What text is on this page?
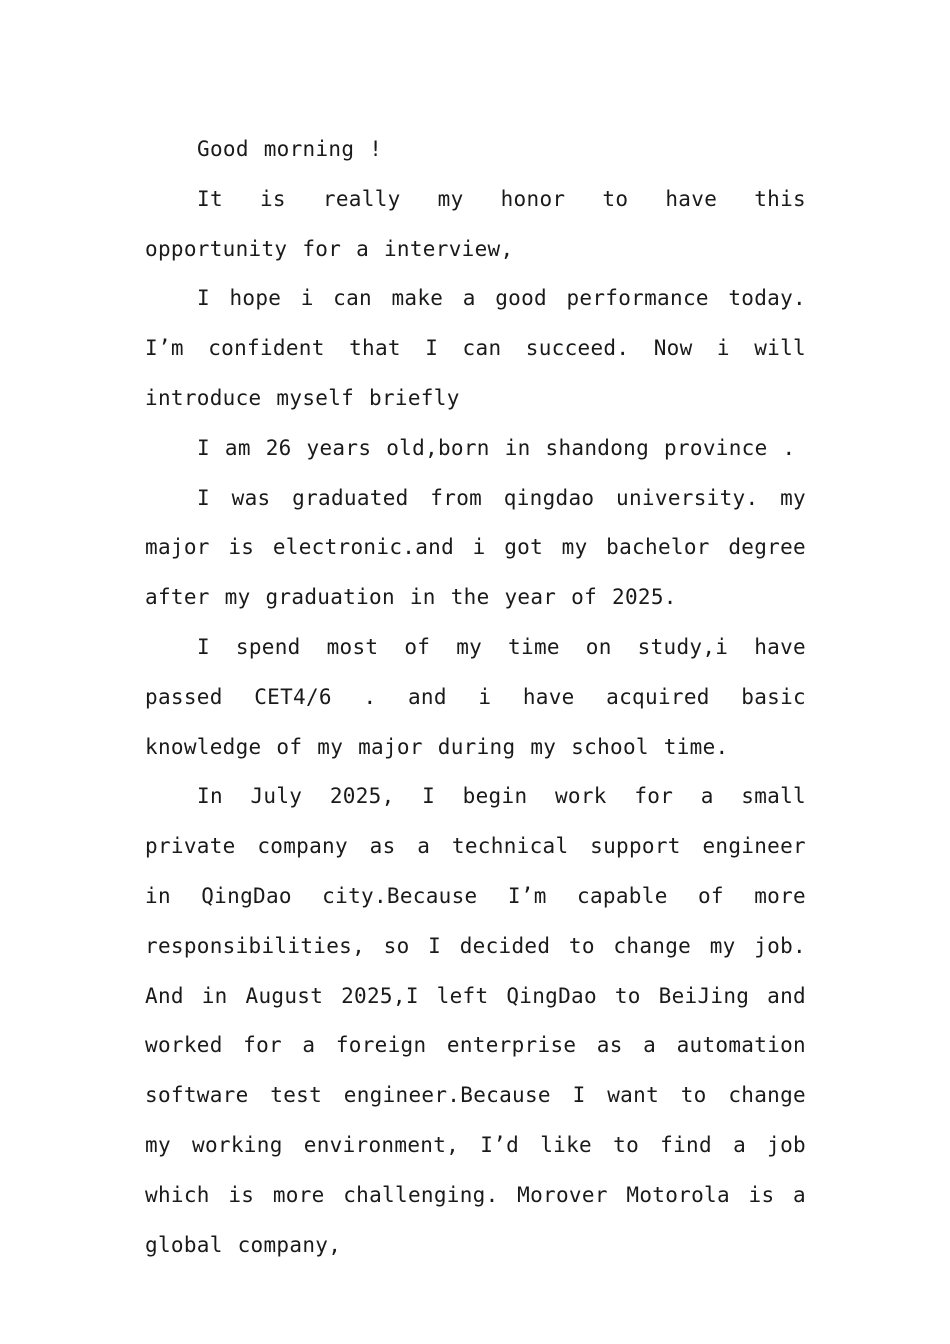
Good morning !

It is really my honor to have this opportunity for a interview,

I hope i can make a good performance today. I’m confident that I can succeed. Now i will introduce myself briefly

I am 26 years old,born in shandong province .

I was graduated from qingdao university. my major is electronic.and i got my bachelor degree after my graduation in the year of 2025.

I spend most of my time on study,i have passed CET4/6 . and i have acquired basic knowledge of my major during my school time.

In July 2025, I begin work for a small private company as a technical support engineer in QingDao city.Because I’m capable of more responsibilities, so I decided to change my job. And in August 2025,I left QingDao to BeiJing and worked for a foreign enterprise as a automation software test engineer.Because I want to change my working environment, I’d like to find a job which is more challenging. Morover Motorola is a global company,
